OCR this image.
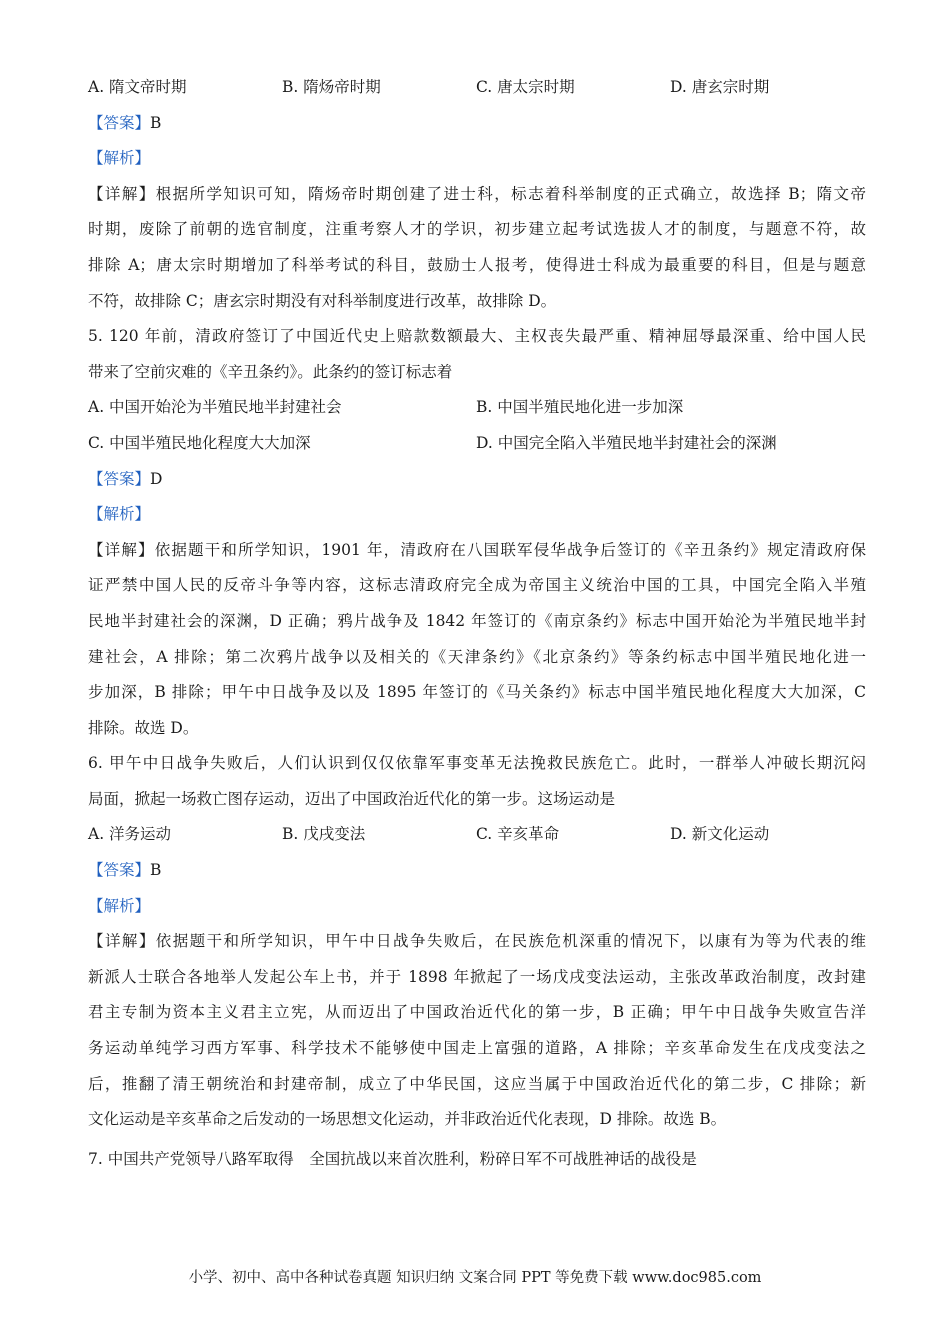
A. 隋文帝时期	B. 隋炀帝时期	C. 唐太宗时期	D. 唐玄宗时期
【答案】B
【解析】
【详解】根据所学知识可知，隋炀帝时期创建了进士科，标志着科举制度的正式确立，故选择 B；隋文帝
时期，废除了前朝的选官制度，注重考察人才的学识，初步建立起考试选拔人才的制度，与题意不符，故
排除 A；唐太宗时期增加了科举考试的科目，鼓励士人报考，使得进士科成为最重要的科目，但是与题意
不符，故排除 C；唐玄宗时期没有对科举制度进行改革，故排除 D。
5. 120 年前，清政府签订了中国近代史上赔款数额最大、主权丧失最严重、精神屈辱最深重、给中国人民
带来了空前灾难的《辛丑条约》。此条约的签订标志着
A. 中国开始沦为半殖民地半封建社会	B. 中国半殖民地化进一步加深
C. 中国半殖民地化程度大大加深	D. 中国完全陷入半殖民地半封建社会的深渊
【答案】D
【解析】
【详解】依据题干和所学知识，1901 年，清政府在八国联军侵华战争后签订的《辛丑条约》规定清政府保
证严禁中国人民的反帝斗争等内容，这标志清政府完全成为帝国主义统治中国的工具，中国完全陷入半殖
民地半封建社会的深渊，D 正确；鸦片战争及 1842 年签订的《南京条约》标志中国开始沦为半殖民地半封
建社会，A 排除；第二次鸦片战争以及相关的《天津条约》《北京条约》等条约标志中国半殖民地化进一
步加深，B 排除；甲午中日战争及以及 1895 年签订的《马关条约》标志中国半殖民地化程度大大加深，C
排除。故选 D。
6. 甲午中日战争失败后，人们认识到仅仅依靠军事变革无法挽救民族危亡。此时，一群举人冲破长期沉闷
局面，掀起一场救亡图存运动，迈出了中国政治近代化的第一步。这场运动是
A. 洋务运动	B. 戊戌变法	C. 辛亥革命	D. 新文化运动
【答案】B
【解析】
【详解】依据题干和所学知识，甲午中日战争失败后，在民族危机深重的情况下，以康有为等为代表的维
新派人士联合各地举人发起公车上书，并于 1898 年掀起了一场戊戌变法运动，主张改革政治制度，改封建
君主专制为资本主义君主立宪，从而迈出了中国政治近代化的第一步，B 正确；甲午中日战争失败宣告洋
务运动单纯学习西方军事、科学技术不能够使中国走上富强的道路，A 排除；辛亥革命发生在戊戌变法之
后，推翻了清王朝统治和封建帝制，成立了中华民国，这应当属于中国政治近代化的第二步，C 排除；新
文化运动是辛亥革命之后发动的一场思想文化运动，并非政治近代化表现，D 排除。故选 B。
7. 中国共产党领导八路军取得　全国抗战以来首次胜利，粉碎日军不可战胜神话的战役是
小学、初中、高中各种试卷真题 知识归纳 文案合同 PPT 等免费下载 www.doc985.com
